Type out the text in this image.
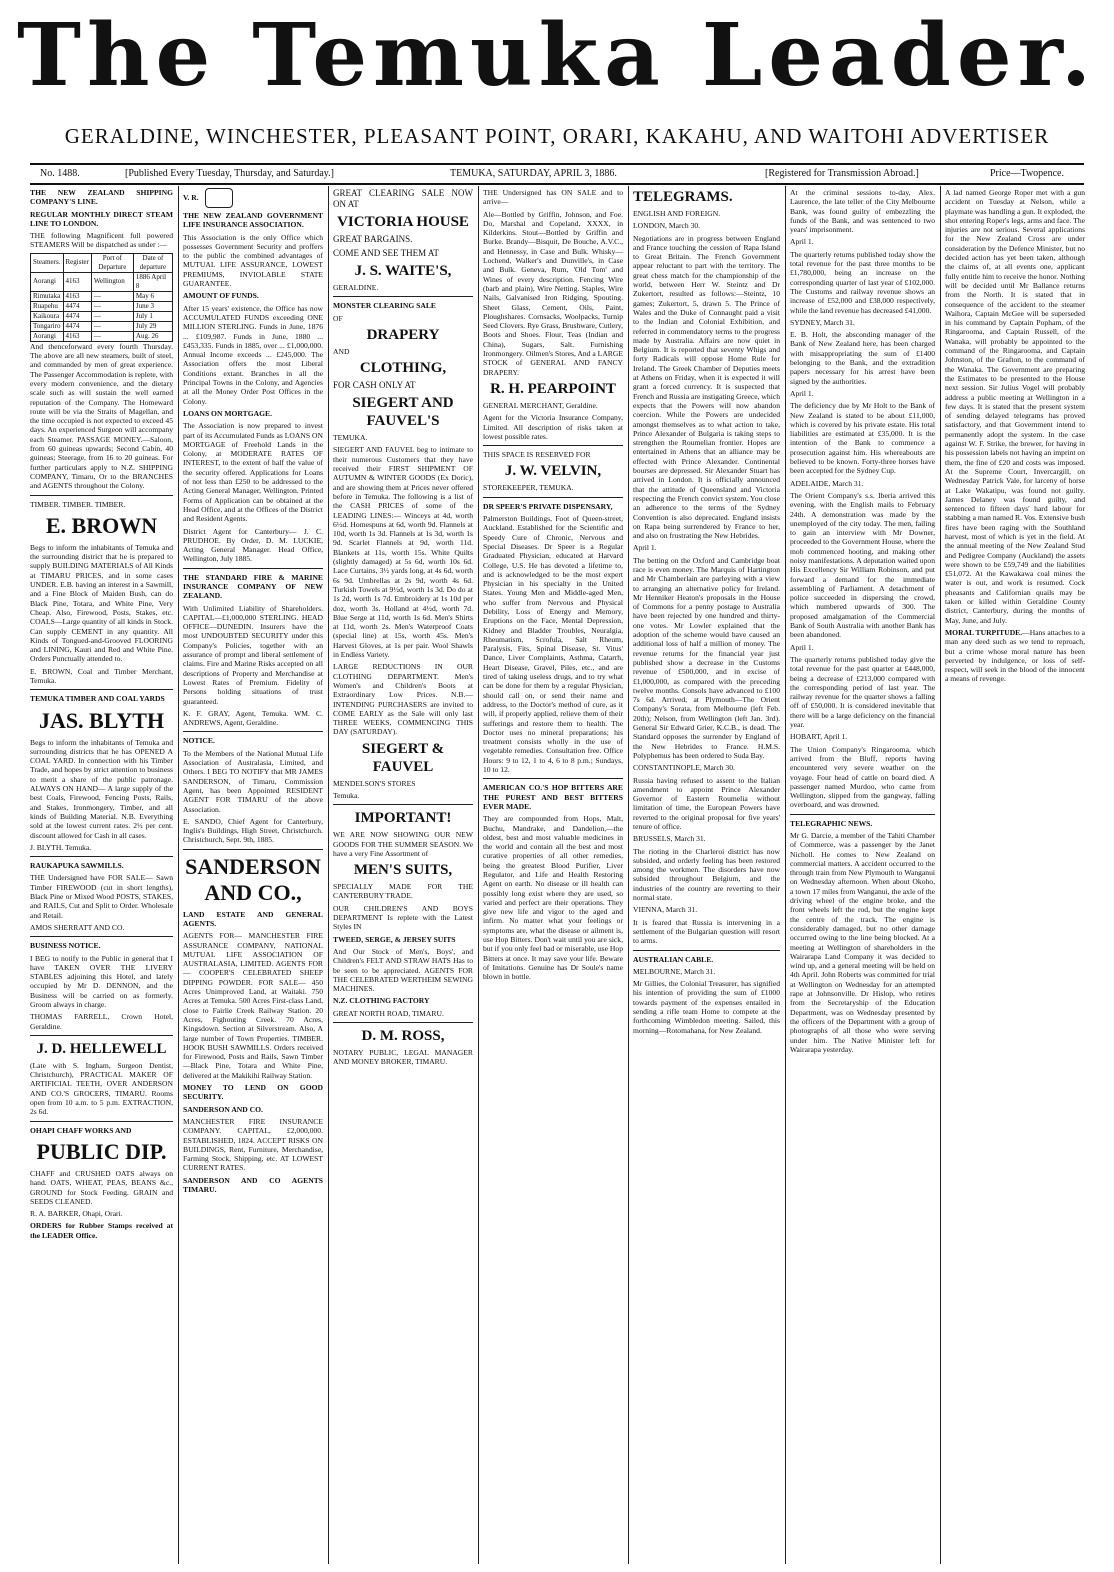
The Temuka Leader.
GERALDINE, WINCHESTER, PLEASANT POINT, ORARI, KAKAHU, AND WAITOHI ADVERTISER
No. 1488.	[Published Every Tuesday, Thursday, and Saturday.]	TEMUKA, SATURDAY, APRIL 3, 1886.	[Registered for Transmission Abroad.]	Price—Twopence.

THE NEW ZEALAND SHIPPING COMPANY'S LINE.

REGULAR MONTHLY DIRECT STEAM LINE TO LONDON.

THE following Magnificent full powered STEAMERS Will be dispatched as under :—

Steamers.	Register	Port of Departure	Date of departure
Aorangi	4163	Wellington	1886 April 8
Rimutaka	4163	—	May 6
Ruapehu	4474	—	June 3
Kaikoura	4474	—	July 1
Tongariro	4474	—	July 29
Aorangi	4163	—	Aug. 26

And thenceforward every fourth Thursday. The above are all new steamers, built of steel, and commanded by men of great experience. The Passenger Accommodation is replete, with every modern convenience, and the dietary scale such as will sustain the well earned reputation of the Company. The Homeward route will be via the Straits of Magellan, and the time occupied is not expected to exceed 45 days. An experienced Surgeon will accompany each Steamer. PASSAGE MONEY.—Saloon, from 60 guineas upwards; Second Cabin, 40 guineas; Steerage, from 16 to 20 guineas. For further particulars apply to N.Z. SHIPPING COMPANY, Timaru, Or to the BRANCHES and AGENTS throughout the Colony.

TIMBER. TIMBER. TIMBER.

E. BROWN

Begs to inform the inhabitants of Temuka and the surrounding district that he is prepared to supply BUILDING MATERIALS of All Kinds at TIMARU PRICES, and in some cases UNDER. E.B. having an interest in a Sawmill, and a Fine Block of Maiden Bush, can do Black Pine, Totara, and White Pine, Very Cheap. Also, Firewood, Posts, Stakes, etc. COALS—Large quantity of all kinds in Stock. Can supply CEMENT in any quantity. All Kinds of Tongued-and-Grooved FLOORING and LINING, Kauri and Red and White Pine. Orders Punctually attended to.

E. BROWN, Coal and Timber Merchant, Temuka.

TEMUKA TIMBER AND COAL YARDS

JAS. BLYTH

Begs to inform the inhabitants of Temuka and surrounding districts that he has OPENED A COAL YARD. In connection with his Timber Trade, and hopes by strict attention to business to merit a share of the public patronage. ALWAYS ON HAND— A large supply of the best Coals, Firewood, Fencing Posts, Rails, and Stakes, Ironmongery, Timber, and all kinds of Building Material. N.B. Everything sold at the lowest current rates. 2½ per cent. discount allowed for Cash in all cases.

J. BLYTH. Temuka.

RAUKAPUKA SAWMILLS.

THE Undersigned have FOR SALE— Sawn Timber FIREWOOD (cut in short lengths), Black Pine or Mixed Wood POSTS, STAKES, and RAILS, Cut and Split to Order. Wholesale and Retail.

AMOS SHERRATT AND CO.

BUSINESS NOTICE.

I BEG to notify to the Public in general that I have TAKEN OVER THE LIVERY STABLES adjoining this Hotel, and lately occupied by Mr D. DENNON, and the Business will be carried on as formerly. Groom always in charge.

THOMAS FARRELL, Crown Hotel, Geraldine.

J. D. HELLEWELL

(Late with S. Ingham, Surgeon Dentist, Christchurch), PRACTICAL MAKER OF ARTIFICIAL TEETH, OVER ANDERSON AND CO.'S GROCERS, TIMARU. Rooms open from 10 a.m. to 5 p.m. EXTRACTION, 2s 6d.

OHAPI CHAFF WORKS AND

PUBLIC DIP.

CHAFF and CRUSHED OATS always on hand. OATS, WHEAT, PEAS, BEANS &c., GROUND for Stock Feeding. GRAIN and SEEDS CLEANED.

R. A. BARKER, Ohapi, Orari.

ORDERS for Rubber Stamps received at the LEADER Office.

V. R.

THE NEW ZEALAND GOVERNMENT LIFE INSURANCE ASSOCIATION.

This Association is the only Office which possesses Government Security and proffers to the public the combined advantages of MUTUAL LIFE ASSURANCE, LOWEST PREMIUMS, INVIOLABLE STATE GUARANTEE.

AMOUNT OF FUNDS.

After 15 years' existence, the Office has now ACCUMULATED FUNDS exceeding ONE MILLION STERLING. Funds in June, 1876 ... £109,987. Funds in June, 1880 ... £453,335. Funds in 1885, over ... £1,000,000. Annual Income exceeds ... £245,000. The Association offers the most Liberal Conditions extant. Branches in all the Principal Towns in the Colony, and Agencies at all the Money Order Post Offices in the Colony.

LOANS ON MORTGAGE.

The Association is now prepared to invest part of its Accumulated Funds as LOANS ON MORTGAGE of Freehold Lands in the Colony, at MODERATE RATES OF INTEREST, to the extent of half the value of the security offered. Applications for Loans of not less than £250 to be addressed to the Acting General Manager, Wellington. Printed Forms of Application can be obtained at the Head Office, and at the Offices of the District and Resident Agents.

District Agent for Canterbury— J. C. PRUDHOE. By Order, D. M. LUCKIE, Acting General Manager. Head Office, Wellington, July 1885.

THE STANDARD FIRE & MARINE INSURANCE COMPANY OF NEW ZEALAND.

With Unlimited Liability of Shareholders. CAPITAL—£1,000,000 STERLING. HEAD OFFICE—DUNEDIN. Insurers have the most UNDOUBTED SECURITY under this Company's Policies, together with an assurance of prompt and liberal settlement of claims. Fire and Marine Risks accepted on all descriptions of Property and Merchandise at Lowest Rates of Premium. Fidelity of Persons holding situations of trust guaranteed.

K. F. GRAY, Agent, Temuka. WM. C. ANDREWS, Agent, Geraldine.

NOTICE.

To the Members of the National Mutual Life Association of Australasia, Limited, and Others. I BEG TO NOTIFY that MR JAMES SANDERSON, of Timaru, Commission Agent, has been Appointed RESIDENT AGENT FOR TIMARU of the above Association.

E. SANDO, Chief Agent for Canterbury, Inglis's Buildings, High Street, Christchurch. Christchurch, Sept. 9th, 1885.

SANDERSON AND CO.,

LAND ESTATE AND GENERAL AGENTS.

AGENTS FOR— MANCHESTER FIRE ASSURANCE COMPANY, NATIONAL MUTUAL LIFE ASSOCIATION OF AUSTRALASIA, LIMITED. AGENTS FOR— COOPER'S CELEBRATED SHEEP DIPPING POWDER. FOR SALE— 450 Acres Unimproved Land, at Waitaki. 750 Acres at Temuka. 500 Acres First-class Land, close to Fairlie Creek Railway Station. 20 Acres, Fighouting Creek. 70 Acres, Kingsdown. Section at Silverstream. Also, A large number of Town Properties. TIMBER. HOOK BUSH SAWMILLS. Orders received for Firewood, Posts and Rails, Sawn Timber—Black Pine, Totara and White Pine, delivered at the Makikihi Railway Station.

MONEY TO LEND ON GOOD SECURITY.

SANDERSON AND CO.

MANCHESTER FIRE INSURANCE COMPANY. CAPITAL, £2,000,000. ESTABLISHED, 1824. ACCEPT RISKS ON BUILDINGS, Rent, Furniture, Merchandise, Farming Stock, Shipping, etc. AT LOWEST CURRENT RATES.

SANDERSON AND CO AGENTS TIMARU.

GREAT CLEARING SALE NOW ON AT

VICTORIA HOUSE

GREAT BARGAINS.

COME AND SEE THEM AT

J. S. WAITE'S,

GERALDINE.

MONSTER CLEARING SALE

OF

DRAPERY

AND

CLOTHING,

FOR CASH ONLY AT

SIEGERT AND FAUVEL'S

TEMUKA.

SIEGERT AND FAUVEL beg to intimate to their numerous Customers that they have received their FIRST SHIPMENT OF AUTUMN & WINTER GOODS (Ex Doric), and are showing them at Prices never offered before in Temuka. The following is a list of the CASH PRICES of some of the LEADING LINES:— Winceys at 4d, worth 6½d. Homespuns at 6d, worth 9d. Flannels at 10d, worth 1s 3d. Flannels at 1s 3d, worth 1s 9d. Scarlet Flannels at 9d, worth 11d. Blankets at 11s, worth 15s. White Quilts (slightly damaged) at 5s 6d, worth 10s 6d. Lace Curtains, 3½ yards long, at 4s 6d, worth 6s 9d. Umbrellas at 2s 9d, worth 4s 6d. Turkish Towels at 9½d, worth 1s 3d. Do do at 1s 2d, worth 1s 7d. Embroidery at 1s 10d per doz, worth 3s. Holland at 4½d, worth 7d. Blue Serge at 11d, worth 1s 6d. Men's Shirts at 11d, worth 2s. Men's Waterproof Coats (special line) at 15s, worth 45s. Men's Harvest Gloves, at 1s per pair. Wool Shawls in Endless Variety.

LARGE REDUCTIONS IN OUR CLOTHING DEPARTMENT. Men's Women's and Children's Boots at Extraordinary Low Prices. N.B.—INTENDING PURCHASERS are invited to COME EARLY as the Sale will only last THREE WEEKS, COMMENCING THIS DAY (SATURDAY).

SIEGERT & FAUVEL

MENDELSON'S STORES

Temuka.

IMPORTANT!

WE ARE NOW SHOWING OUR NEW GOODS FOR THE SUMMER SEASON. We have a very Fine Assortment of

MEN'S SUITS,

SPECIALLY MADE FOR THE CANTERBURY TRADE.

OUR CHILDREN'S AND BOYS DEPARTMENT Is replete with the Latest Styles IN

TWEED, SERGE, & JERSEY SUITS

And Our Stock of Men's, Boys', and Children's FELT AND STRAW HATS Has to be seen to be appreciated. AGENTS FOR THE CELEBRATED WERTHEIM SEWING MACHINES.

N.Z. CLOTHING FACTORY

GREAT NORTH ROAD, TIMARU.

D. M. ROSS,

NOTARY PUBLIC, LEGAL MANAGER AND MONEY BROKER, TIMARU.

THE Undersigned has ON SALE and to arrive—

Ale—Bottled by Griffin, Johnson, and Foe. Do, Marshal and Copeland, XXXX, in Kilderkins. Stout—Bottled by Griffin and Burke. Brandy—Bisquit, De Bouche, A.V.C., and Hennessy, in Case and Bulk. Whisky—Lochend, Walker's and Dunville's, in Case and Bulk. Geneva, Rum, 'Old Tom' and Wines of every description. Fencing Wire (barb and plain), Wire Netting. Staples, Wire Nails, Galvanised Iron Ridging, Spouting. Sheet Glass, Cement, Oils, Paint, Ploughshares. Cornsacks, Woolpacks, Turnip Seed Clovers. Rye Grass, Brushware, Cutlery, Boots and Shoes. Flour, Teas (Indian and China), Sugars, Salt. Furnishing Ironmongery. Oilmen's Stores, And a LARGE STOCK of GENERAL AND FANCY DRAPERY.

R. H. PEARPOINT

GENERAL MERCHANT, Geraldine.

Agent for the Victoria Insurance Company, Limited. All description of risks taken at lowest possible rates.

THIS SPACE IS RESERVED FOR

J. W. VELVIN,

STOREKEEPER, TEMUKA.

DR SPEER'S PRIVATE DISPENSARY,

Palmerston Buildings, Foot of Queen-street, Auckland. Established for the Scientific and Speedy Cure of Chronic, Nervous and Special Diseases. Dr Speer is a Regular Graduated Physician, educated at Harvard College, U.S. He has devoted a lifetime to, and is acknowledged to be the most expert Physician in his specialty in the United States. Young Men and Middle-aged Men, who suffer from Nervous and Physical Debility, Loss of Energy and Memory, Eruptions on the Face, Mental Depression, Kidney and Bladder Troubles, Neuralgia, Rheumatism, Scrofula, Salt Rheum, Paralysis, Fits, Spinal Disease, St. Vitus' Dance, Liver Complaints, Asthma, Catarrh, Heart Disease, Gravel, Piles, etc., and are tired of taking useless drugs, and to try what can be done for them by a regular Physician, should call on, or send their name and address, to the Doctor's method of cure, as it will, if properly applied, relieve them of their sufferings and restore them to health. The Doctor uses no mineral preparations; his treatment consists wholly in the use of vegetable remedies. Consultation free. Office Hours: 9 to 12, 1 to 4, 6 to 8 p.m.; Sundays, 10 to 12.

AMERICAN CO.'S HOP BITTERS ARE THE PUREST AND BEST BITTERS EVER MADE.

They are compounded from Hops, Malt, Buchu, Mandrake, and Dandelion,—the oldest, best and most valuable medicines in the world and contain all the best and most curative properties of all other remedies, being the greatest Blood Purifier, Liver Regulator, and Life and Health Restoring Agent on earth. No disease or ill health can possibly long exist where they are used, so varied and perfect are their operations. They give new life and vigor to the aged and infirm. No matter what your feelings or symptoms are, what the disease or ailment is, use Hop Bitters. Don't wait until you are sick, but if you only feel bad or miserable, use Hop Bitters at once. It may save your life. Beware of Imitations. Genuine has Dr Soule's name blown in bottle.

TELEGRAMS.

ENGLISH AND FOREIGN.

LONDON, March 30.

Negotiations are in progress between England and France touching the cession of Rapa Island to Great Britain. The French Government appear reluctant to part with the territory. The great chess match for the championship of the world, between Herr W. Steintz and Dr Zukertort, resulted as follows:—Steintz, 10 games; Zukertort, 5, drawn 5. The Prince of Wales and the Duke of Connaught paid a visit to the Indian and Colonial Exhibition, and referred in commendatory terms to the progress made by Australia. Affairs are now quiet in Belgium. It is reported that seventy Whigs and forty Radicals will oppose Home Rule for Ireland. The Greek Chamber of Deputies meets at Athens on Friday, when it is expected it will grant a forced currency. It is suspected that French and Russia are instigating Greece, which expects that the Powers will now abandon coercion. While the Powers are undecided amongst themselves as to what action to take, Prince Alexander of Bulgaria is taking steps to strengthen the Roumelian frontier. Hopes are entertained in Athens that an alliance may be effected with Prince Alexander. Continental bourses are depressed. Sir Alexander Stuart has arrived in London. It is officially announced that the attitude of Queensland and Victoria respecting the French convict system. You close an adherence to the terms of the Sydney Convention is also deprecated. England insists on Rapa being surrendered by France to her, and also on frustrating the New Hebrides.

April 1.

The betting on the Oxford and Cambridge boat race is even money. The Marquis of Hartington and Mr Chamberlain are parleying with a view to arranging an alternative policy for Ireland. Mr Henniker Heaton's proposals in the House of Commons for a penny postage to Australia have been rejected by one hundred and thirty-one votes. Mr Lowler explained that the adoption of the scheme would have caused an additional loss of half a million of money. The revenue returns for the financial year just published show a decrease in the Customs revenue of £500,000, and in excise of £1,000,000, as compared with the preceding twelve months. Consols have advanced to £100 7s 6d. Arrived, at Plymouth—The Orient Company's Sorata, from Melbourne (left Feb. 20th); Nelson, from Wellington (left Jan. 3rd). General Sir Edward Grier, K.C.B., is dead. The Standard opposes the surrender by England of the New Hebrides to France. H.M.S. Polyphemus has been ordered to Suda Bay.

CONSTANTINOPLE, March 30.

Russia having refused to assent to the Italian amendment to appoint Prince Alexander Governor of Eastern Roumelia without limitation of time, the European Powers have reverted to the original proposal for five years' tenure of office.

BRUSSELS, March 31.

The rioting in the Charleroi district has now subsided, and orderly feeling has been restored among the workmen. The disorders have now subsided throughout Belgium, and the industries of the country are reverting to their normal state.

VIENNA, March 31.

It is feared that Russia is intervening in a settlement of the Bulgarian question will resort to arms.

AUSTRALIAN CABLE.

MELBOURNE, March 31.

Mr Gillies, the Colonial Treasurer, has signified his intention of providing the sum of £1000 towards payment of the expenses entailed in sending a rifle team Home to compete at the forthcoming Wimbledon meeting. Sailed, this morning—Rotomahana, for New Zealand.

At the criminal sessions to-day, Alex. Laurence, the late teller of the City Melbourne Bank, was found guilty of embezzling the funds of the Bank, and was sentenced to two years' imprisonment.

April 1.

The quarterly returns published today show the total revenue for the past three months to be £1,780,000, being an increase on the corresponding quarter of last year of £102,000. The Customs and railway revenue shows an increase of £52,000 and £38,000 respectively, while the land revenue has decreased £41,000.

SYDNEY, March 31.

E. B. Holt, the absconding manager of the Bank of New Zealand here, has been charged with misappropriating the sum of £1400 belonging to the Bank, and the extradition papers necessary for his arrest have been signed by the authorities.

April 1.

The deficiency due by Mr Holt to the Bank of New Zealand is stated to be about £11,000, which is covered by his private estate. His total liabilities are estimated at £35,000. It is the intention of the Bank to commence a prosecution against him. His whereabouts are believed to be known. Forty-three horses have been accepted for the Sydney Cup.

ADELAIDE, March 31.

The Orient Company's s.s. Iberia arrived this evening, with the English mails to February 24th. A demonstration was made by the unemployed of the city today. The men, failing to gain an interview with Mr Downer, proceeded to the Government House, where the mob commenced hooting, and making other noisy manifestations. A deputation waited upon His Excellency Sir William Robinson, and put forward a demand for the immediate assembling of Parliament. A detachment of police succeeded in dispersing the crowd, which numbered upwards of 300. The proposed amalgamation of the Commercial Bank of South Australia with another Bank has been abandoned.

April 1.

The quarterly returns published today give the total revenue for the past quarter at £448,000, being a decrease of £213,000 compared with the corresponding period of last year. The railway revenue for the quarter shows a falling off of £50,000. It is considered inevitable that there will be a large deficiency on the financial year.

HOBART, April 1.

The Union Company's Ringarooma, which arrived from the Bluff, reports having encountered very severe weather on the voyage. Four head of cattle on board died. A passenger named Murdoo, who came from Wellington, slipped from the gangway, falling overboard, and was drowned.

TELEGRAPHIC NEWS.

Mr G. Darcie, a member of the Tahiti Chamber of Commerce, was a passenger by the Janet Nicholl. He comes to New Zealand on commercial matters. A accident occurred to the through train from New Plymouth to Wanganui on Wednesday afternoon. When about Okoho, a town 17 miles from Wanganui, the axle of the driving wheel of the engine broke, and the front wheels left the rod, but the engine kept the centre of the track. The engine is considerably damaged, but no other damage occurred owing to the line being blocked. At a meeting at Wellington of shareholders in the Wairarapa Land Company it was decided to wind up, and a general meeting will be held on 4th April. John Roberts was committed for trial at Wellington on Wednesday for an attempted rape at Johnsonville. Dr Hislop, who retires from the Secretaryship of the Education Department, was on Wednesday presented by the officers of the Department with a group of photographs of all those who were serving under him. The Native Minister left for Wairarapa yesterday.

A lad named George Roper met with a gun accident on Tuesday at Nelson, while a playmate was handling a gun. It exploded, the shot entering Roper's legs, arms and face. The injuries are not serious. Several applications for the New Zealand Cross are under consideration by the Defence Minister, but no decided action has yet been taken, although the claims of, at all events one, applicant fully entitle him to receive the honor. Nothing will be decided until Mr Ballance returns from the North. It is stated that in consequence of the accident to the steamer Waihora, Captain McGee will be superseded in his command by Captain Popham, of the Ringarooma, and Captain Russell, of the Wanaka, will probably be appointed to the command of the Ringarooma, and Captain Johnston, of the Grafton, to the command of the Wanaka. The Government are preparing the Estimates to be presented to the House next session. Sir Julius Vogel will probably address a public meeting at Wellington in a few days. It is stated that the present system of sending delayed telegrams has proved satisfactory, and that Government intend to permanently adopt the system. In the case against W. F. Strike, the brewer, for having in his possession labels not having an imprint on them, the fine of £20 and costs was imposed. At the Supreme Court, Invercargill, on Wednesday Patrick Vale, for larceny of horse at Lake Wakatipu, was found not guilty. James Delaney was found guilty, and sentenced to fifteen days' hard labour for stabbing a man named R. Vos. Extensive bush fires have been raging with the Southland harvest, most of which is yet in the field. At the annual meeting of the New Zealand Stud and Pedigree Company (Auckland) the assets were shown to be £59,749 and the liabilities £51,072. At the Kawakawa coal mines the water is out, and work is resumed. Cock pheasants and Californian quails may be taken or killed within Geraldine County district, Canterbury, during the months of May, June, and July.

MORAL TURPITUDE.—Hans attaches to a man any deed such as we tend to reproach, but a crime whose moral nature has been perverted by indulgence, or loss of self-respect, will seek in the blood of the innocent a means of revenge.
